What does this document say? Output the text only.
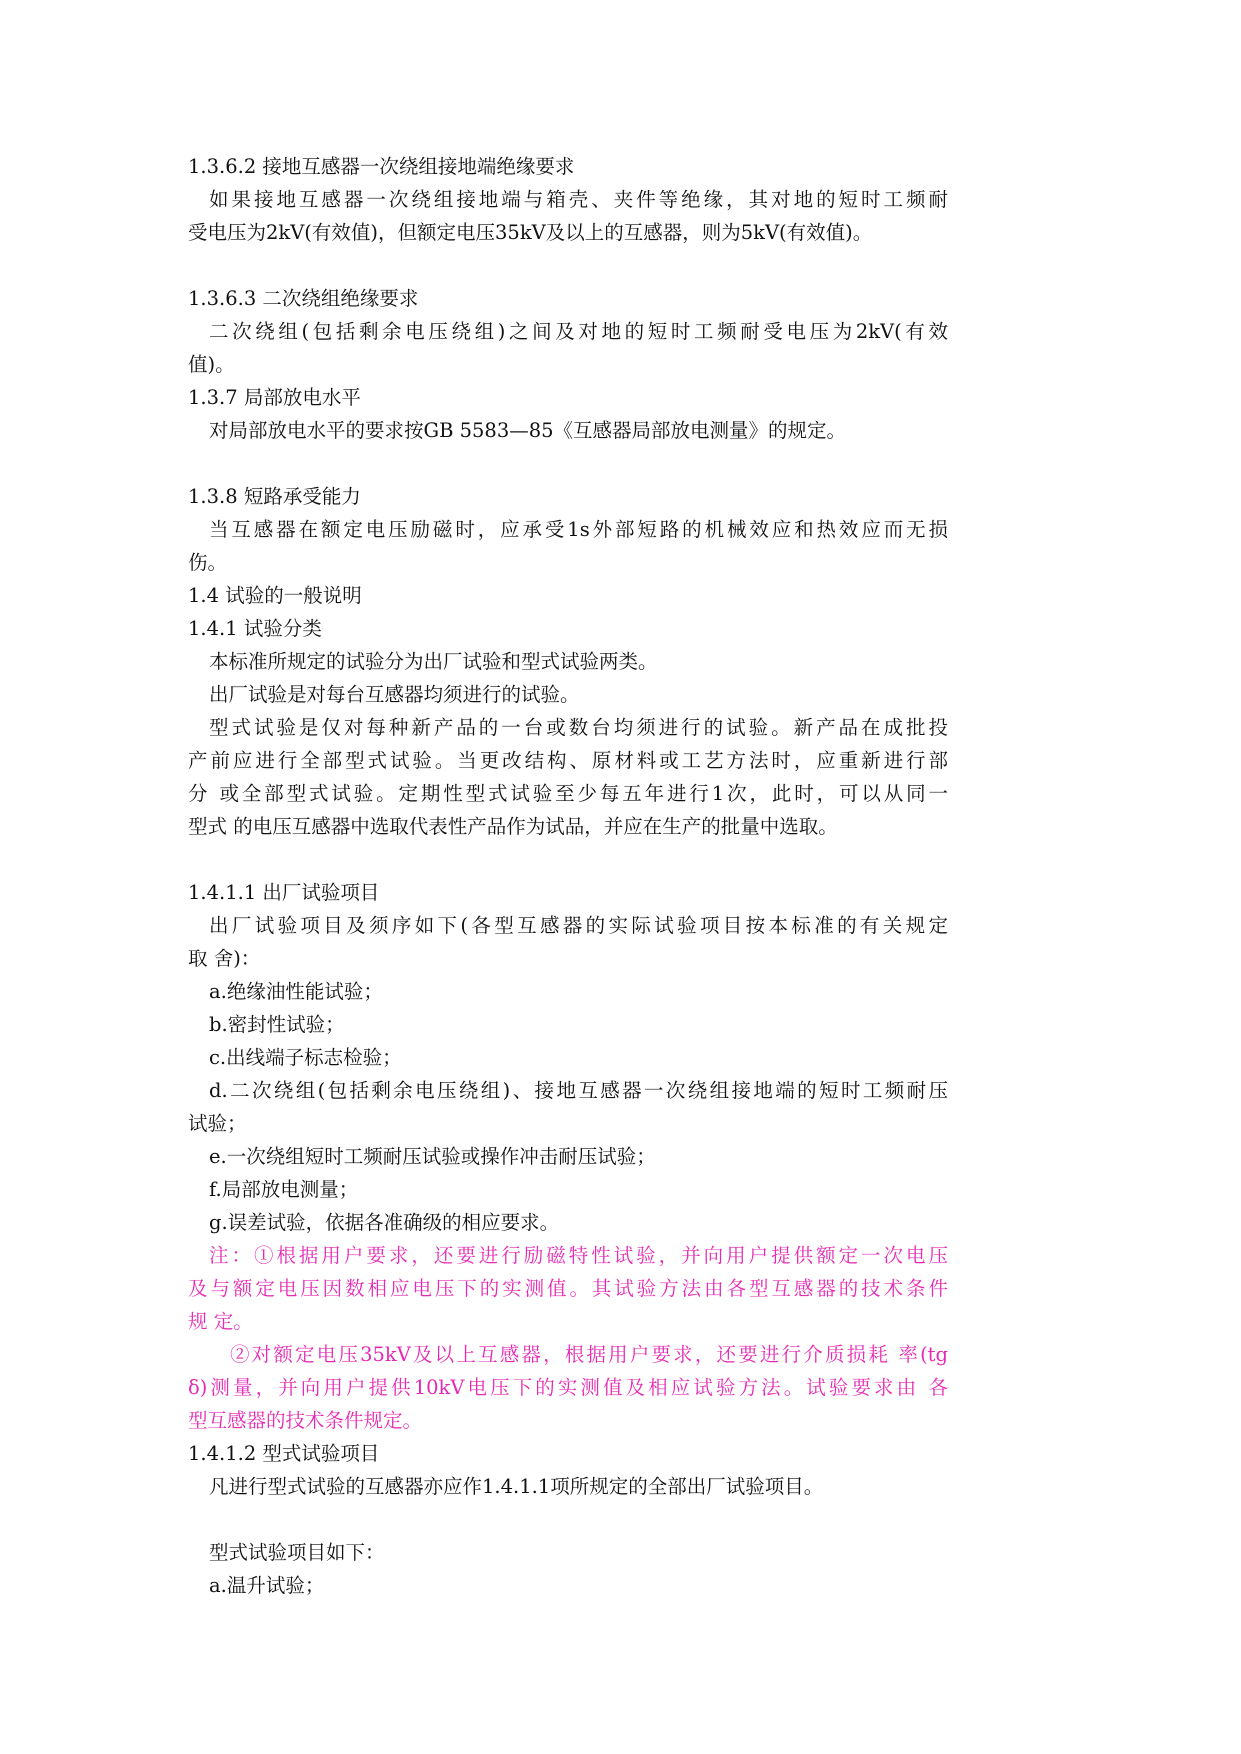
1.3.6.2 接地互感器一次绕组接地端绝缘要求
如果接地互感器一次绕组接地端与箱壳、夹件等绝缘，其对地的短时工频耐
受电压为2kV(有效值)，但额定电压35kV及以上的互感器，则为5kV(有效值)。
1.3.6.3 二次绕组绝缘要求
二次绕组(包括剩余电压绕组)之间及对地的短时工频耐受电压为2kV(有效
值)。
1.3.7 局部放电水平
对局部放电水平的要求按GB 5583—85《互感器局部放电测量》的规定。
1.3.8 短路承受能力
当互感器在额定电压励磁时，应承受1s外部短路的机械效应和热效应而无损
伤。
1.4 试验的一般说明
1.4.1 试验分类
本标准所规定的试验分为出厂试验和型式试验两类。
出厂试验是对每台互感器均须进行的试验。
型式试验是仅对每种新产品的一台或数台均须进行的试验。新产品在成批投
产前应进行全部型式试验。当更改结构、原材料或工艺方法时，应重新进行部
分 或全部型式试验。定期性型式试验至少每五年进行1次，此时，可以从同一
型式 的电压互感器中选取代表性产品作为试品，并应在生产的批量中选取。
1.4.1.1 出厂试验项目
出厂试验项目及须序如下(各型互感器的实际试验项目按本标准的有关规定
取 舍)：
a.绝缘油性能试验；
b.密封性试验；
c.出线端子标志检验；
d.二次绕组(包括剩余电压绕组)、接地互感器一次绕组接地端的短时工频耐压
试验；
e.一次绕组短时工频耐压试验或操作冲击耐压试验；
f.局部放电测量；
g.误差试验，依据各准确级的相应要求。
注：①根据用户要求，还要进行励磁特性试验，并向用户提供额定一次电压
及与额定电压因数相应电压下的实测值。其试验方法由各型互感器的技术条件
规 定。
②对额定电压35kV及以上互感器，根据用户要求，还要进行介质损耗 率(tg
δ)测量，并向用户提供10kV电压下的实测值及相应试验方法。试验要求由 各
型互感器的技术条件规定。
1.4.1.2 型式试验项目
凡进行型式试验的互感器亦应作1.4.1.1项所规定的全部出厂试验项目。
型式试验项目如下：
a.温升试验；
